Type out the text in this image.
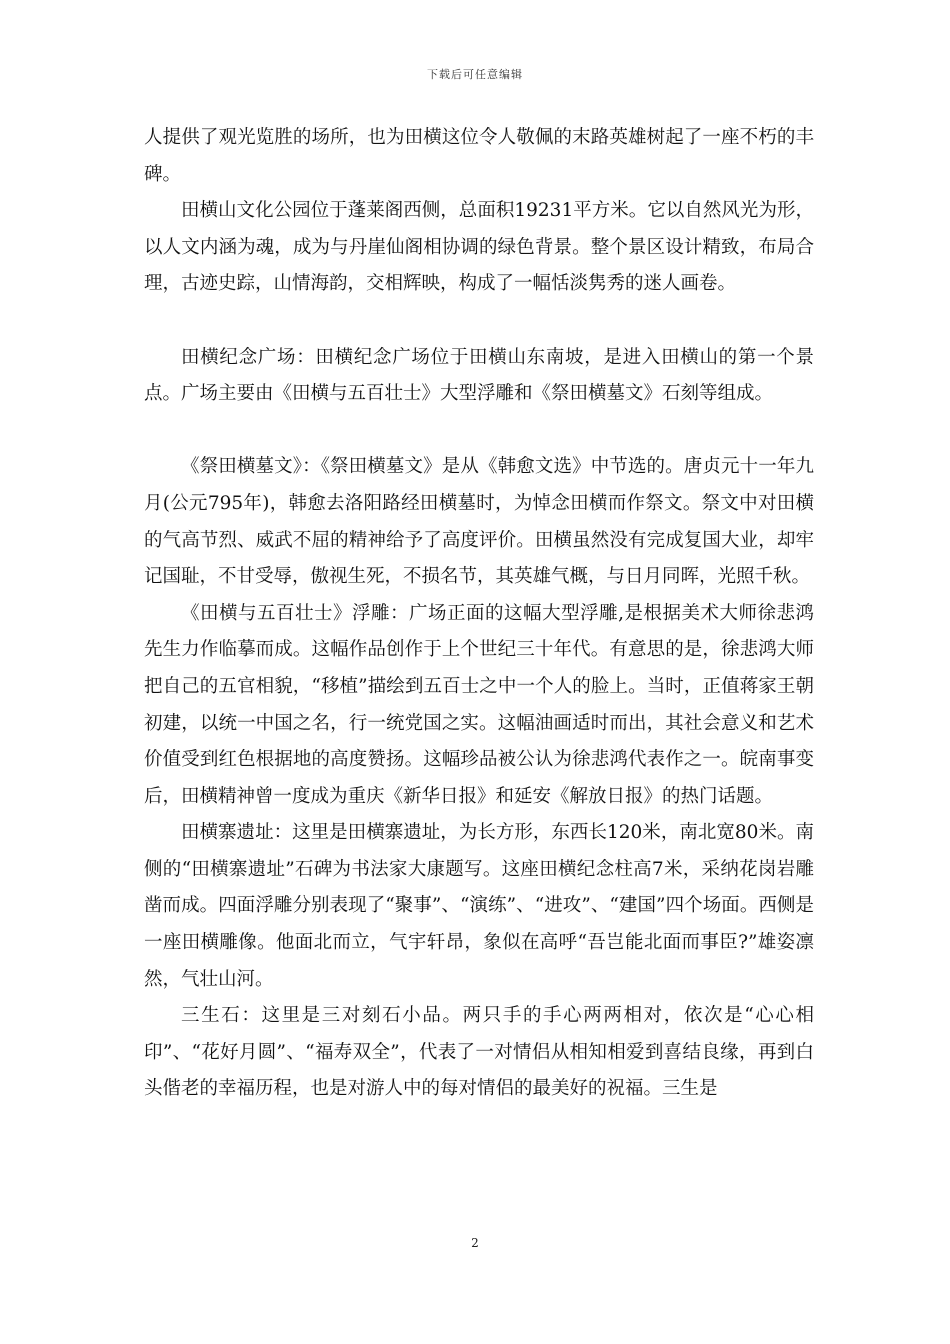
下载后可任意编辑

人提供了观光览胜的场所，也为田横这位令人敬佩的末路英雄树起了一座不朽的丰碑。

田横山文化公园位于蓬莱阁西侧，总面积19231平方米。它以自然风光为形，以人文内涵为魂，成为与丹崖仙阁相协调的绿色背景。整个景区设计精致，布局合理，古迹史踪，山情海韵，交相辉映，构成了一幅恬淡隽秀的迷人画卷。

田横纪念广场：田横纪念广场位于田横山东南坡，是进入田横山的第一个景点。广场主要由《田横与五百壮士》大型浮雕和《祭田横墓文》石刻等组成。

《祭田横墓文》：《祭田横墓文》是从《韩愈文选》中节选的。唐贞元十一年九月(公元795年)，韩愈去洛阳路经田横墓时，为悼念田横而作祭文。祭文中对田横的气高节烈、威武不屈的精神给予了高度评价。田横虽然没有完成复国大业，却牢记国耻，不甘受辱，傲视生死，不损名节，其英雄气概，与日月同晖，光照千秋。

《田横与五百壮士》浮雕：广场正面的这幅大型浮雕,是根据美术大师徐悲鸿先生力作临摹而成。这幅作品创作于上个世纪三十年代。有意思的是，徐悲鸿大师把自己的五官相貌，“移植”描绘到五百士之中一个人的脸上。当时，正值蒋家王朝初建，以统一中国之名，行一统党国之实。这幅油画适时而出，其社会意义和艺术价值受到红色根据地的高度赞扬。这幅珍品被公认为徐悲鸿代表作之一。皖南事变后，田横精神曾一度成为重庆《新华日报》和延安《解放日报》的热门话题。

田横寨遗址：这里是田横寨遗址，为长方形，东西长120米，南北宽80米。南侧的“田横寨遗址”石碑为书法家大康题写。这座田横纪念柱高7米，采纳花岗岩雕凿而成。四面浮雕分别表现了“聚事”、“演练”、“进攻”、“建国”四个场面。西侧是一座田横雕像。他面北而立，气宇轩昂，象似在高呼“吾岂能北面而事臣?”雄姿凛然，气壮山河。

三生石：这里是三对刻石小品。两只手的手心两两相对，依次是“心心相印”、“花好月圆”、“福寿双全”，代表了一对情侣从相知相爱到喜结良缘，再到白头偕老的幸福历程，也是对游人中的每对情侣的最美好的祝福。三生是

2
